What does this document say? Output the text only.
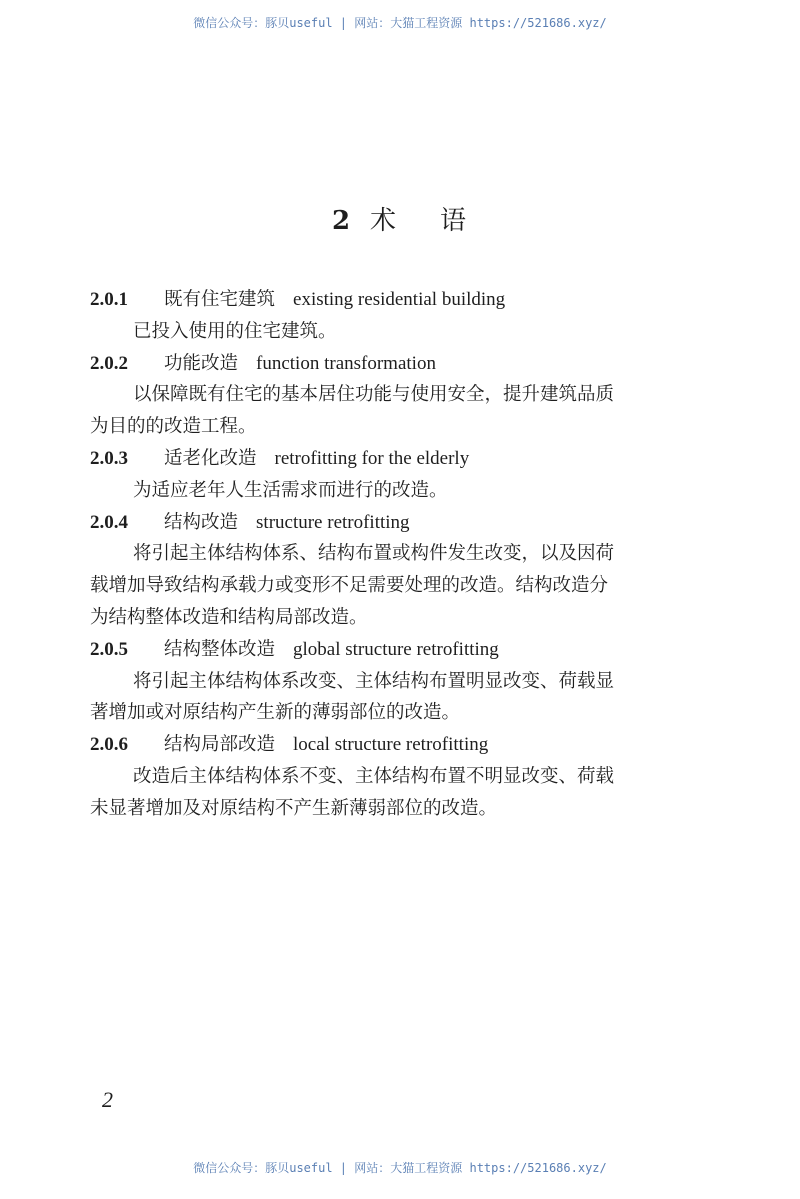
微信公众号：豚贝useful | 网站：大猫工程资源 https://521686.xyz/
2 术 语
2.0.1 既有住宅建筑 existing residential building
已投入使用的住宅建筑。
2.0.2 功能改造 function transformation
以保障既有住宅的基本居住功能与使用安全，提升建筑品质
为目的的改造工程。
2.0.3 适老化改造 retrofitting for the elderly
为适应老年人生活需求而进行的改造。
2.0.4 结构改造 structure retrofitting
将引起主体结构体系、结构布置或构件发生改变，以及因荷
载增加导致结构承载力或变形不足需要处理的改造。结构改造分
为结构整体改造和结构局部改造。
2.0.5 结构整体改造 global structure retrofitting
将引起主体结构体系改变、主体结构布置明显改变、荷载显
著增加或对原结构产生新的薄弱部位的改造。
2.0.6 结构局部改造 local structure retrofitting
改造后主体结构体系不变、主体结构布置不明显改变、荷载
未显著增加及对原结构不产生新薄弱部位的改造。
2
微信公众号：豚贝useful | 网站：大猫工程资源 https://521686.xyz/
